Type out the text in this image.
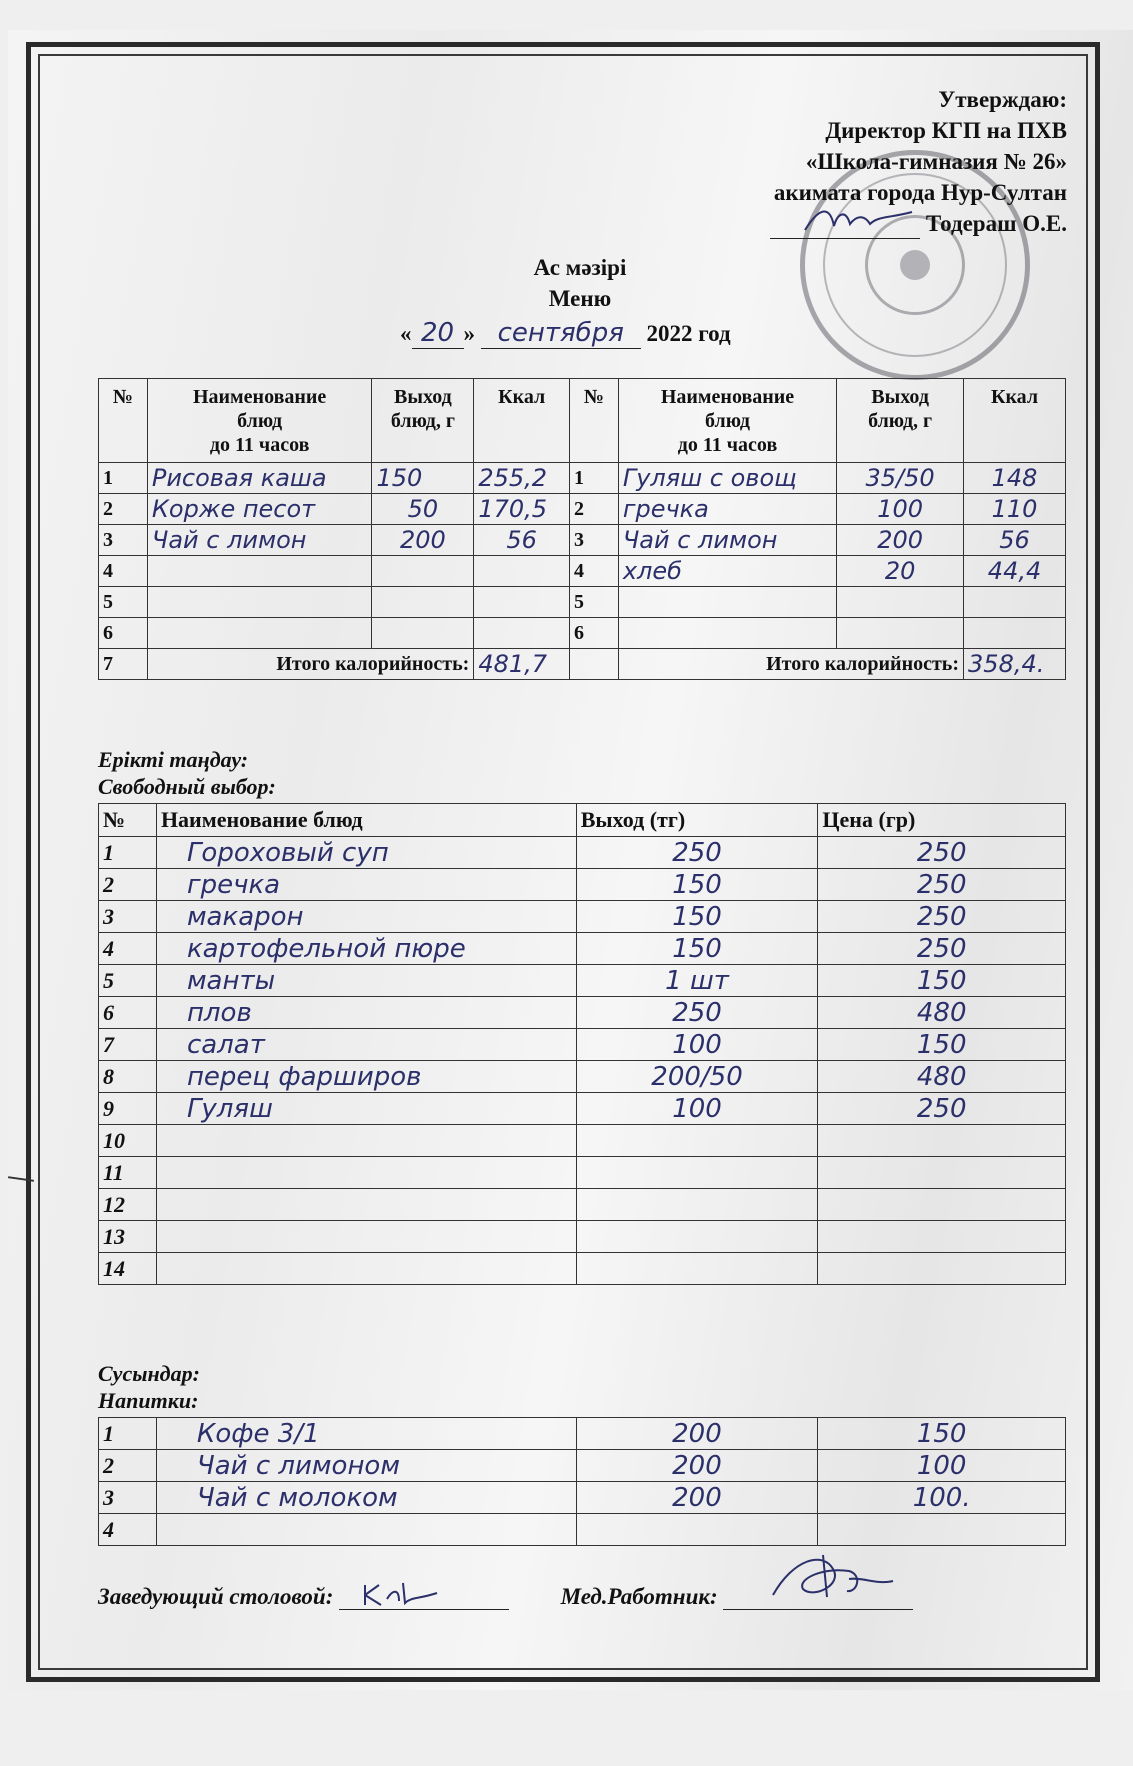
Утверждаю:
Директор КГП на ПХВ
«Школа-гимназия № 26»
акимата города Нур-Султан
Тодераш О.Е.
Ас мәзірі
Меню
« 20 » сентября 2022 год
№	Наименование
блюд
до 11 часов	Выход
блюд, г	Ккал	№	Наименование
блюд
до 11 часов	Выход
блюд, г	Ккал
1	Рисовая каша	150	255,2	1	Гуляш с овощ	35/50	148
2	Корже песот	50	170,5	2	гречка	100	110
3	Чай с лимон	200	56	3	Чай с лимон	200	56
4				4	хлеб	20	44,4
5				5			
6				6			
7	Итого калорийность:		481,7		Итого калорийность:		358,4.
Ерікті таңдау:
Свободный выбор:
№	Наименование блюд	Выход (тг)	Цена (гр)
1	Гороховый суп	250	250
2	гречка	150	250
3	макарон	150	250
4	картофельной пюре	150	250
5	манты	1 шт	150
6	плов	250	480
7	салат	100	150
8	перец фарширов	200/50	480
9	Гуляш	100	250
10			
11			
12			
13			
14			
Сусындар:
Напитки:
1	Кофе 3/1	200	150
2	Чай с лимоном	200	100
3	Чай с молоком	200	100.
4			
Заведующий столовой:	Мед.Работник:
